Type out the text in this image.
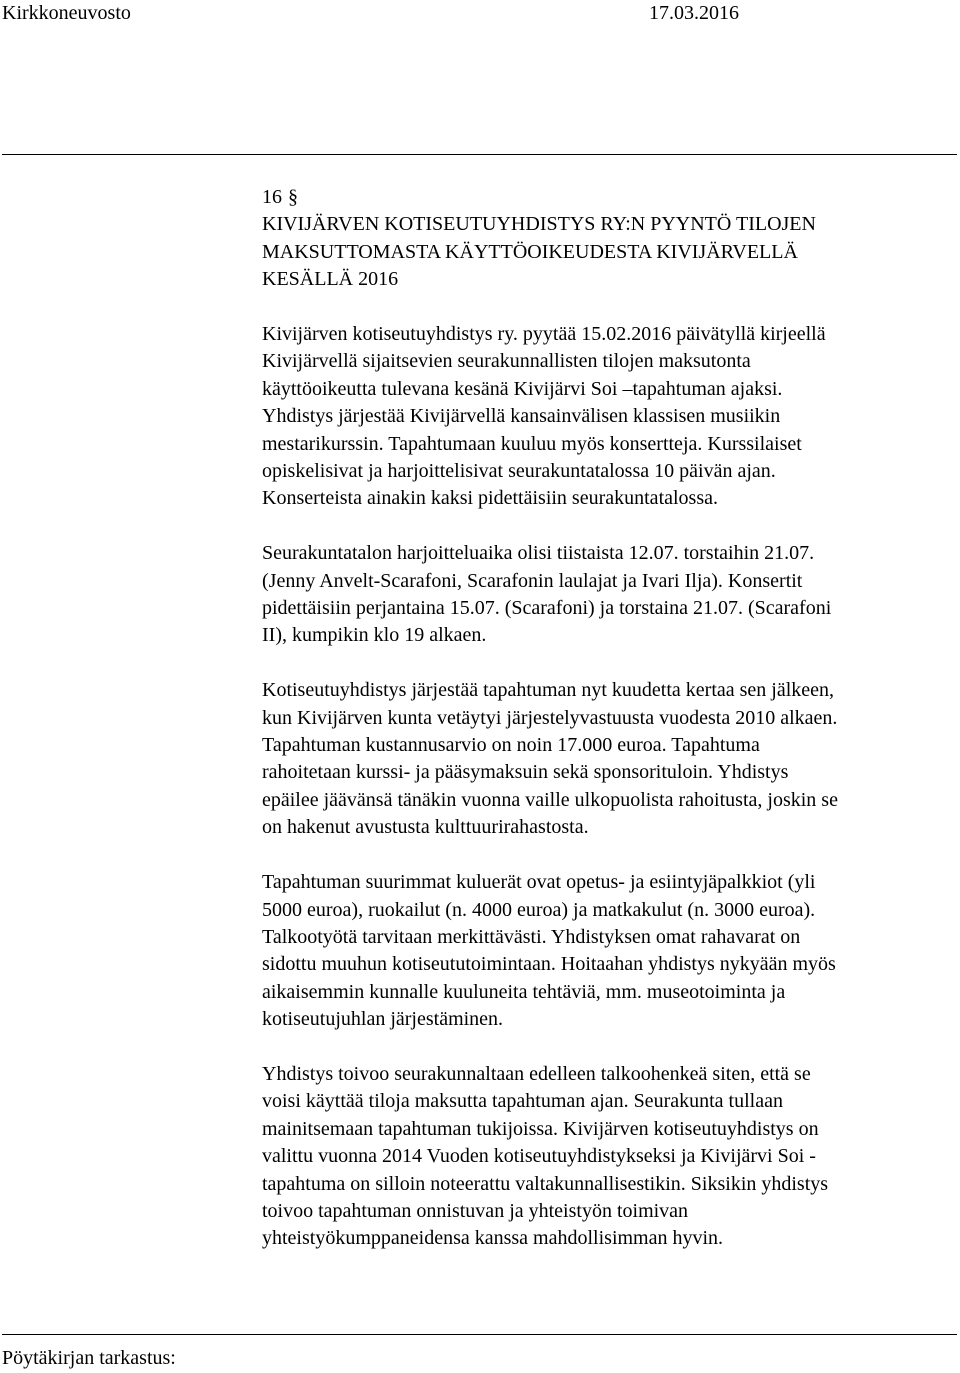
Kirkkoneuvosto	17.03.2016
16 §
KIVIJÄRVEN KOTISEUTUYHDISTYS RY:N PYYNTÖ TILOJEN
MAKSUTTOMASTA KÄYTTÖOIKEUDESTA KIVIJÄRVELLÄ
KESÄLLÄ 2016
Kivijärven kotiseutuyhdistys ry. pyytää 15.02.2016 päivätyllä kirjeellä
Kivijärvellä sijaitsevien seurakunnallisten tilojen maksutonta
käyttöoikeutta tulevana kesänä Kivijärvi Soi –tapahtuman ajaksi.
Yhdistys järjestää Kivijärvellä kansainvälisen klassisen musiikin
mestarikurssin. Tapahtumaan kuuluu myös konsertteja. Kurssilaiset
opiskelisivat ja harjoittelisivat seurakuntatalossa 10 päivän ajan.
Konserteista ainakin kaksi pidettäisiin seurakuntatalossa.
Seurakuntatalon harjoitteluaika olisi tiistaista 12.07. torstaihin 21.07.
(Jenny Anvelt-Scarafoni, Scarafonin laulajat ja Ivari Ilja). Konsertit
pidettäisiin perjantaina 15.07. (Scarafoni) ja torstaina 21.07. (Scarafoni
II), kumpikin klo 19 alkaen.
Kotiseutuyhdistys järjestää tapahtuman nyt kuudetta kertaa sen jälkeen,
kun Kivijärven kunta vetäytyi järjestelyvastuusta vuodesta 2010 alkaen.
Tapahtuman kustannusarvio on noin 17.000 euroa. Tapahtuma
rahoitetaan kurssi- ja pääsymaksuin sekä sponsorituloin. Yhdistys
epäilee jäävänsä tänäkin vuonna vaille ulkopuolista rahoitusta, joskin se
on hakenut avustusta kulttuurirahastosta.
Tapahtuman suurimmat kuluerät ovat opetus- ja esiintyjäpalkkiot (yli
5000 euroa), ruokailut (n. 4000 euroa) ja matkakulut (n. 3000 euroa).
Talkootyötä tarvitaan merkittävästi. Yhdistyksen omat rahavarat on
sidottu muuhun kotiseututoimintaan. Hoitaahan yhdistys nykyään myös
aikaisemmin kunnalle kuuluneita tehtäviä, mm. museotoiminta ja
kotiseutujuhlan järjestäminen.
Yhdistys toivoo seurakunnaltaan edelleen talkoohenkeä siten, että se
voisi käyttää tiloja maksutta tapahtuman ajan. Seurakunta tullaan
mainitsemaan tapahtuman tukijoissa. Kivijärven kotiseutuyhdistys on
valittu vuonna 2014 Vuoden kotiseutuyhdistykseksi ja Kivijärvi Soi -
tapahtuma on silloin noteerattu valtakunnallisestikin. Siksikin yhdistys
toivoo tapahtuman onnistuvan ja yhteistyön toimivan
yhteistyökumppaneidensa kanssa mahdollisimman hyvin.
Pöytäkirjan tarkastus:
